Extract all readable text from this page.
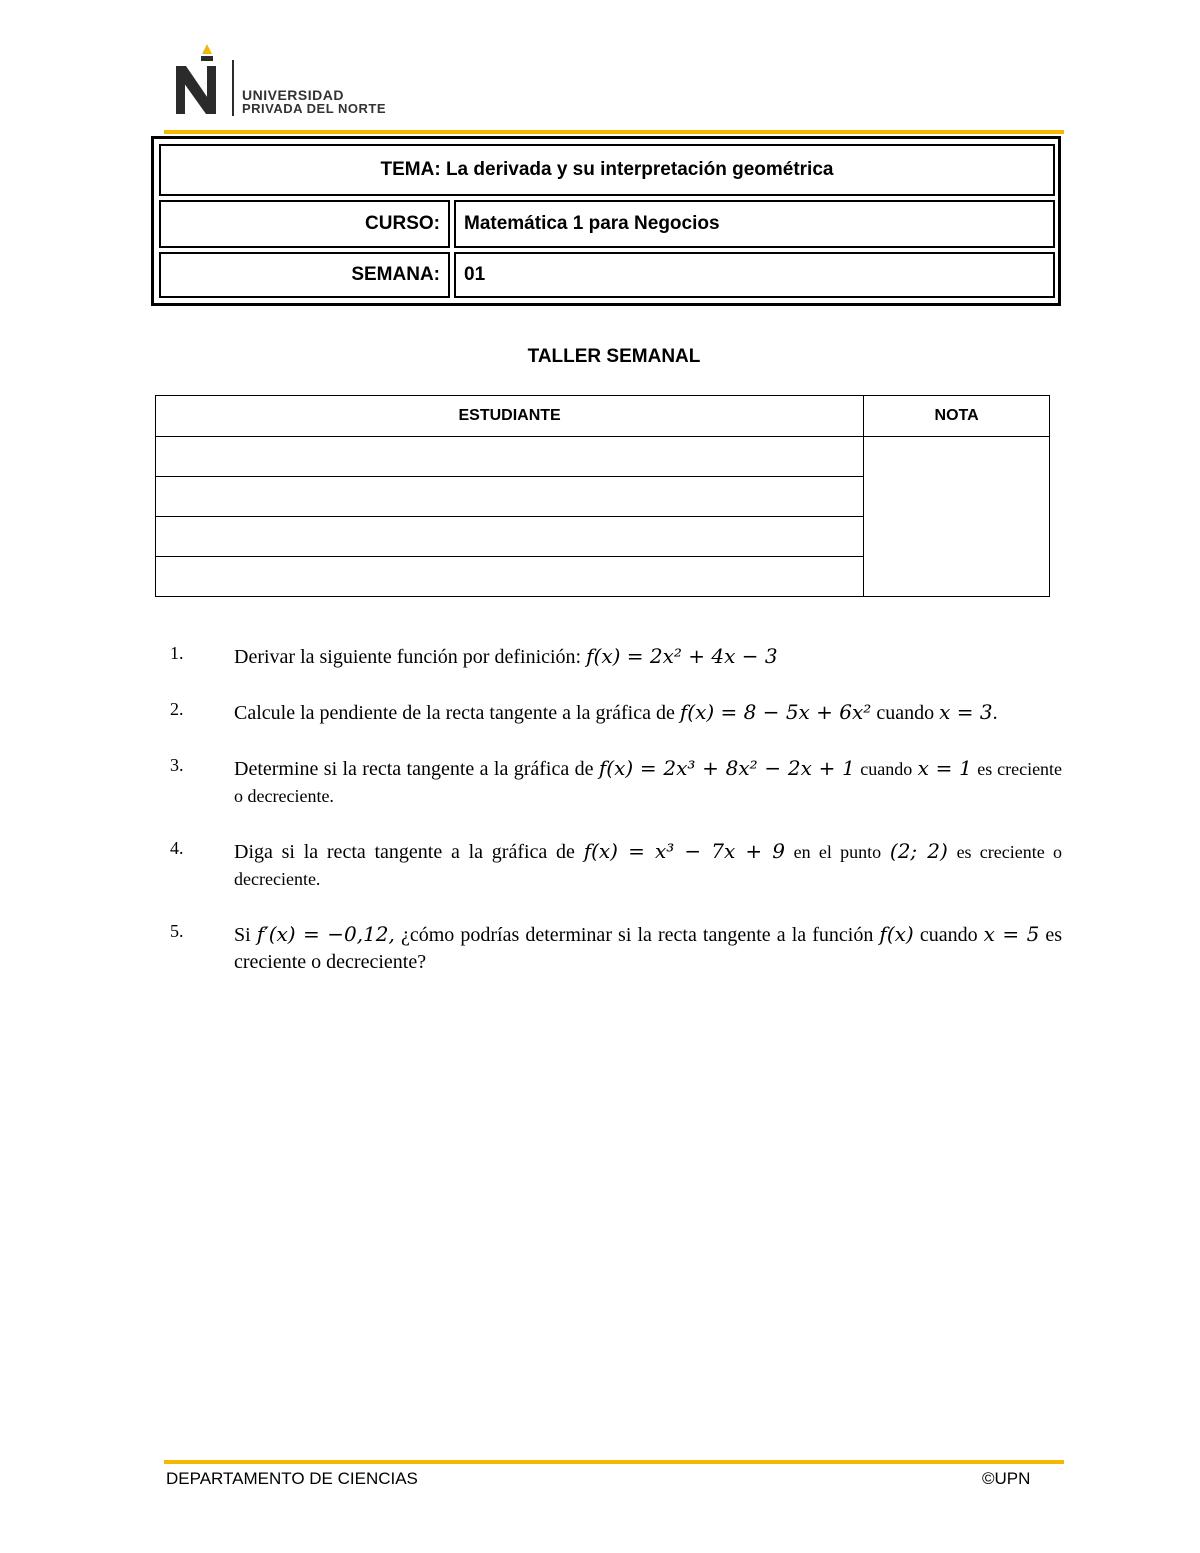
UNIVERSIDAD
PRIVADA DEL NORTE
TEMA: La derivada y su interpretación geométrica
CURSO:	Matemática 1 para Negocios
SEMANA:	01
TALLER SEMANAL
ESTUDIANTE	NOTA

1.	Derivar la siguiente función por definición: f(x) = 2x² + 4x − 3
2.	Calcule la pendiente de la recta tangente a la gráfica de f(x) = 8 − 5x + 6x² cuando x = 3.
3.	Determine si la recta tangente a la gráfica de f(x) = 2x³ + 8x² − 2x + 1 cuando x = 1 es creciente o decreciente.
4.	Diga si la recta tangente a la gráfica de f(x) = x³ − 7x + 9 en el punto (2; 2) es creciente o decreciente.
5.	Si f′(x) = −0,12, ¿cómo podrías determinar si la recta tangente a la función f(x) cuando x = 5 es creciente o decreciente?
DEPARTAMENTO DE CIENCIAS	©UPN
